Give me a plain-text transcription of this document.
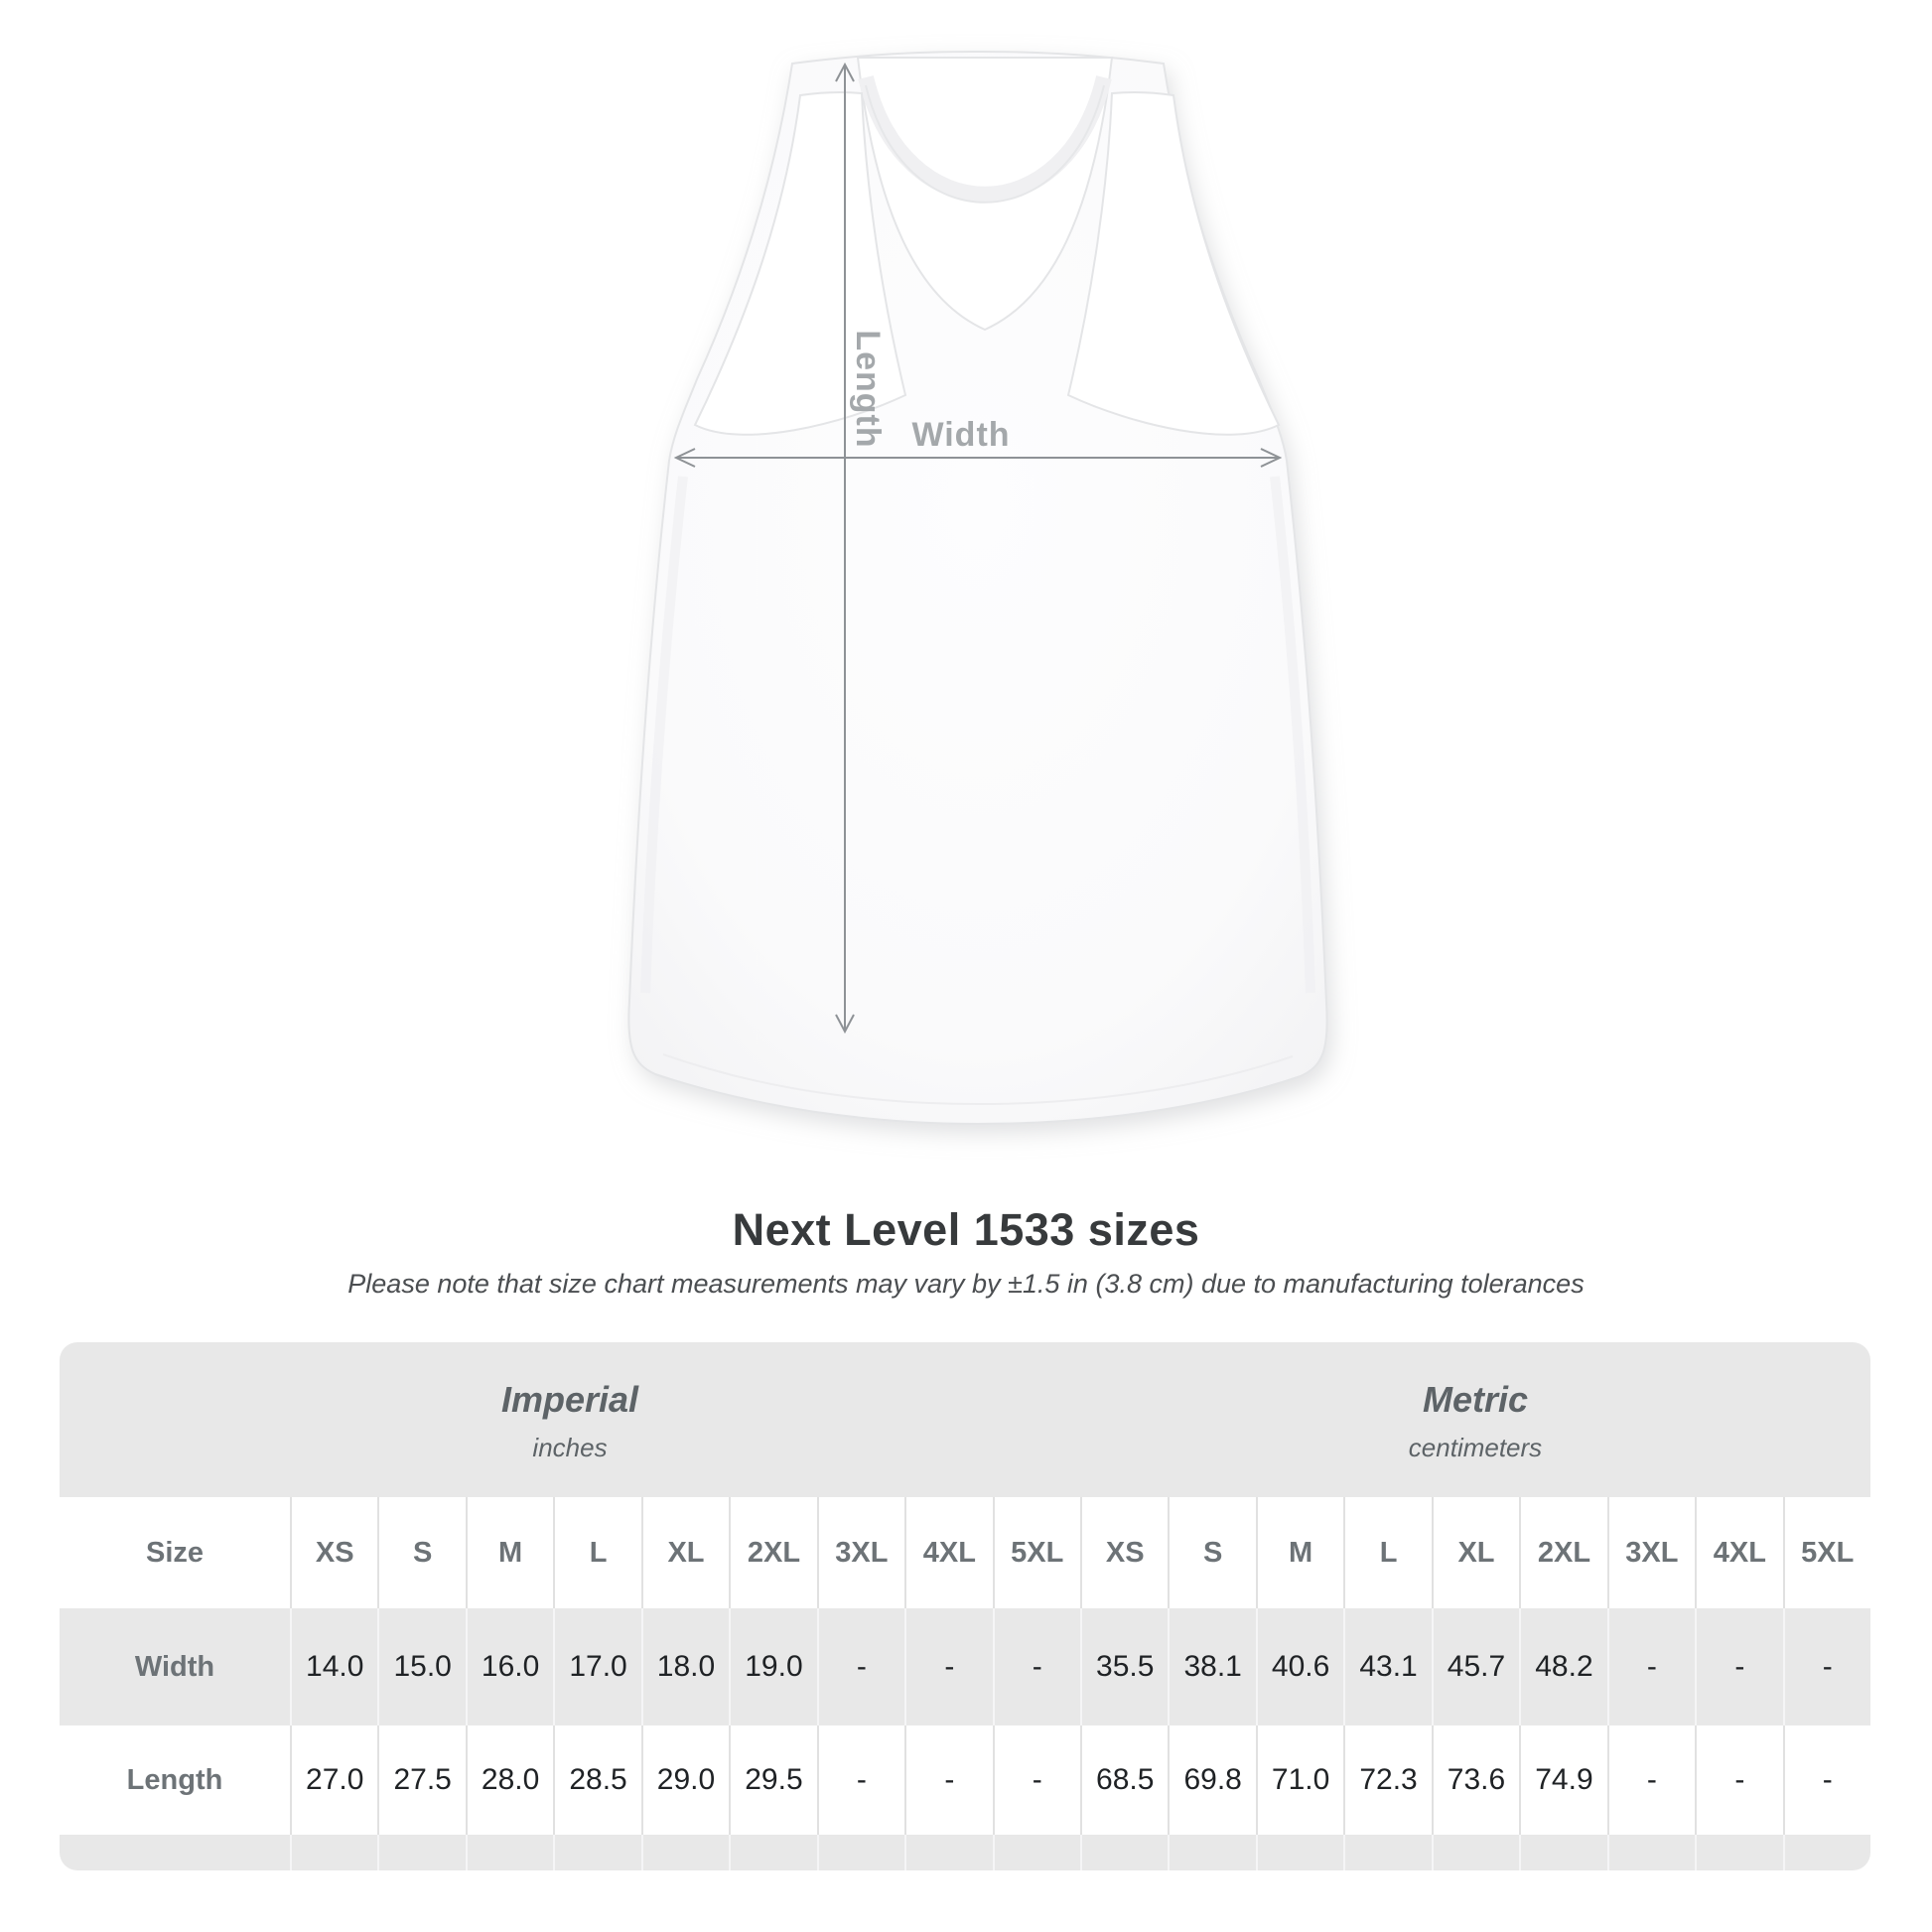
Length Width
Next Level 1533 sizes

Please note that size chart measurements may vary by ±1.5 in (3.8 cm) due to manufacturing tolerances

Imperial
inches
Metric
centimeters
Size	XS	S	M	L	XL	2XL	3XL	4XL	5XL	XS	S	M	L	XL	2XL	3XL	4XL	5XL
Width	14.0	15.0	16.0	17.0	18.0	19.0	-	-	-	35.5	38.1	40.6	43.1	45.7	48.2	-	-	-
Length	27.0	27.5	28.0	28.5	29.0	29.5	-	-	-	68.5	69.8	71.0	72.3	73.6	74.9	-	-	-
